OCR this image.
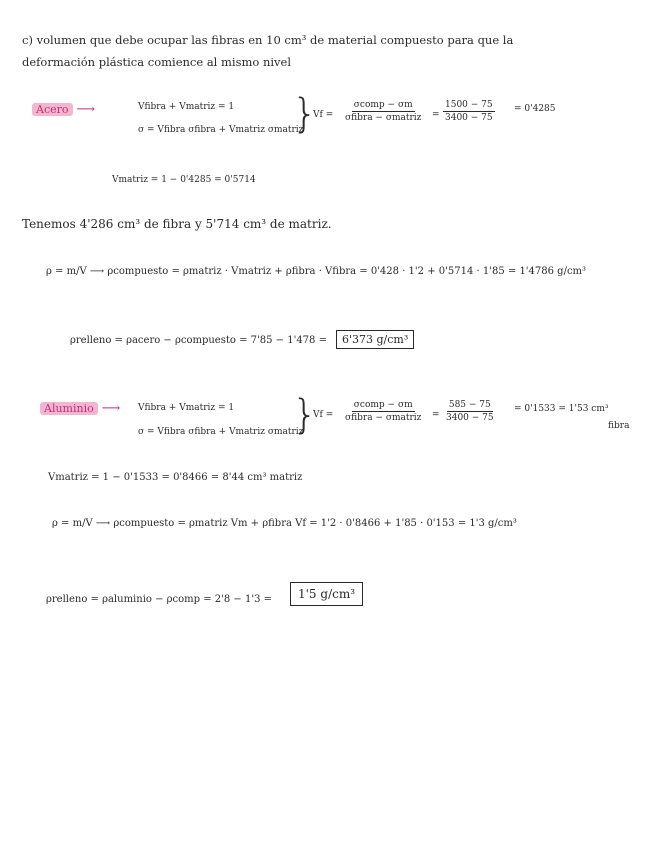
c) volumen que debe ocupar las fibras en 10 cm³ de material compuesto para que la
deformación plástica comience al mismo nivel
Acero ⟶	Vfibra + Vmatriz = 1
σ = Vfibra σfibra + Vmatriz σmatriz
}
Vf =
σcomp − σm
σfibra − σmatriz = $\frac{1500 - 75}{3400 - 75} = 0'4285$
Vmatriz = 1 − 0'4285 = 0'5714
Tenemos 4'286 cm³ de fibra y 5'714 cm³ de matriz.
ρ = m/V ⟶ ρcompuesto = ρmatriz · Vmatriz + ρfibra · Vfibra = 0'428 · 1'2 + 0'5714 · 1'85 = 1'4786 g/cm³
ρrelleno = ρacero − ρcompuesto = 7'85 − 1'478 =	6'373 g/cm³
Aluminio ⟶ Vfibra + Vmatriz = 1
σ = Vfibra σfibra + Vmatriz σmatriz
}
Vf =
σcomp − σm
σfibra − σmatriz = $\frac{585 - 75}{3400 - 75} = 0'1533 = 1'53$ cm³
fibra
Vmatriz = 1 − 0'1533 = 0'8466 = 8'44 cm³ matriz
ρ = m/V ⟶ ρcompuesto = ρmatriz Vm + ρfibra Vf = 1'2 · 0'8466 + 1'85 · 0'153 = 1'3 g/cm³
ρrelleno = ρaluminio − ρcomp = 2'8 − 1'3 =	1'5 g/cm³
